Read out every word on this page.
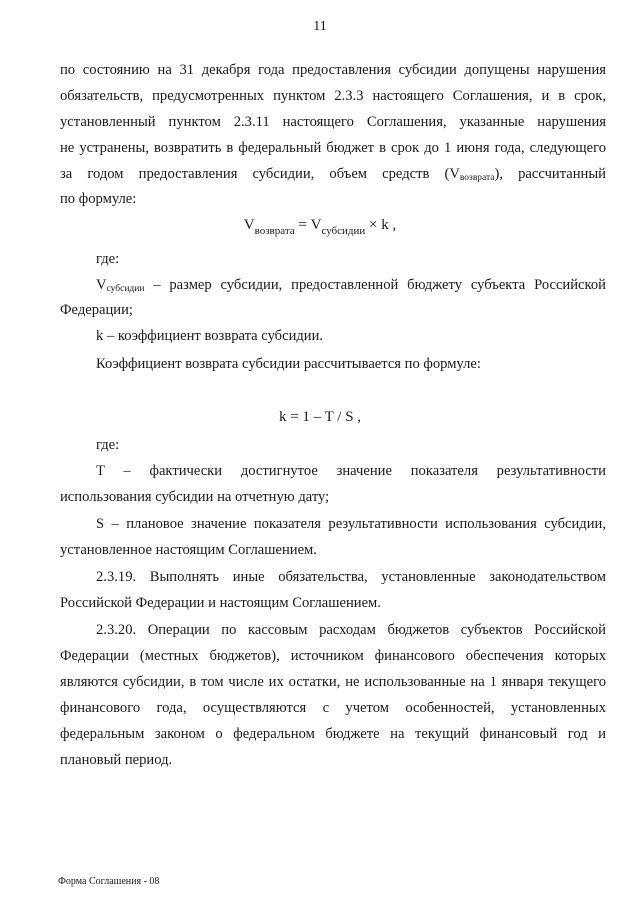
11
по состоянию на 31 декабря года предоставления субсидии допущены нарушения
обязательств, предусмотренных пунктом 2.3.3 настоящего Соглашения, и в срок,
установленный пунктом 2.3.11 настоящего Соглашения, указанные нарушения
не устранены, возвратить в федеральный бюджет в срок до 1 июня года, следующего
за годом предоставления субсидии, объем средств $(V_{возврата})$, рассчитанный
по формуле:
$V_{возврата} = V_{субсидии} \times k$ ,
где:
$V_{субсидии}$ – размер субсидии, предоставленной бюджету субъекта Российской
Федерации;
k – коэффициент возврата субсидии.
Коэффициент возврата субсидии рассчитывается по формуле:
k = 1 – T / S ,
где:
T – фактически достигнутое значение показателя результативности
использования субсидии на отчетную дату;
S – плановое значение показателя результативности использования субсидии,
установленное настоящим Соглашением.
2.3.19. Выполнять иные обязательства, установленные законодательством
Российской Федерации и настоящим Соглашением.
2.3.20. Операции по кассовым расходам бюджетов субъектов Российской
Федерации (местных бюджетов), источником финансового обеспечения которых
являются субсидии, в том числе их остатки, не использованные на 1 января текущего
финансового года, осуществляются с учетом особенностей, установленных
федеральным законом о федеральном бюджете на текущий финансовый год и
плановый период.
Форма Соглашения - 08
